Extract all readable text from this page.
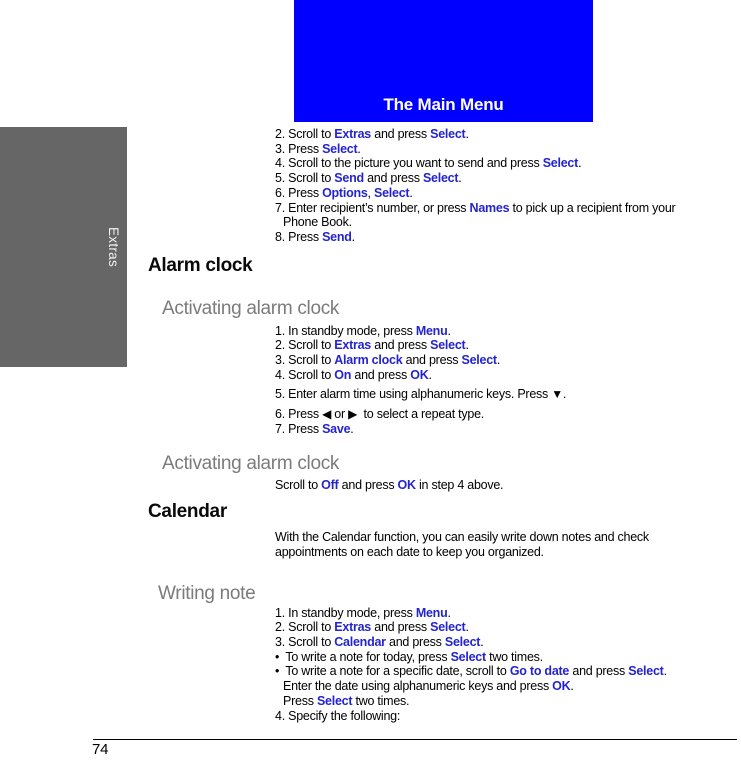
The Main Menu
Extras
2. Scroll to Extras and press Select.
3. Press Select.
4. Scroll to the picture you want to send and press Select.
5. Scroll to Send and press Select.
6. Press Options, Select.
7. Enter recipient’s number, or press Names to pick up a recipient from your
Phone Book.
8. Press Send.
Alarm clock
Activating alarm clock
1. In standby mode, press Menu.
2. Scroll to Extras and press Select.
3. Scroll to Alarm clock and press Select.
4. Scroll to On and press OK.
5. Enter alarm time using alphanumeric keys. Press ▼.
6. Press ◀ or ▶  to select a repeat type.
7. Press Save.
Activating alarm clock
Scroll to Off and press OK in step 4 above.
Calendar
With the Calendar function, you can easily write down notes and check
appointments on each date to keep you organized.
Writing note
1. In standby mode, press Menu.
2. Scroll to Extras and press Select.
3. Scroll to Calendar and press Select.
•  To write a note for today, press Select two times.
•  To write a note for a specific date, scroll to Go to date and press Select.
Enter the date using alphanumeric keys and press OK.
Press Select two times.
4. Specify the following:
74
